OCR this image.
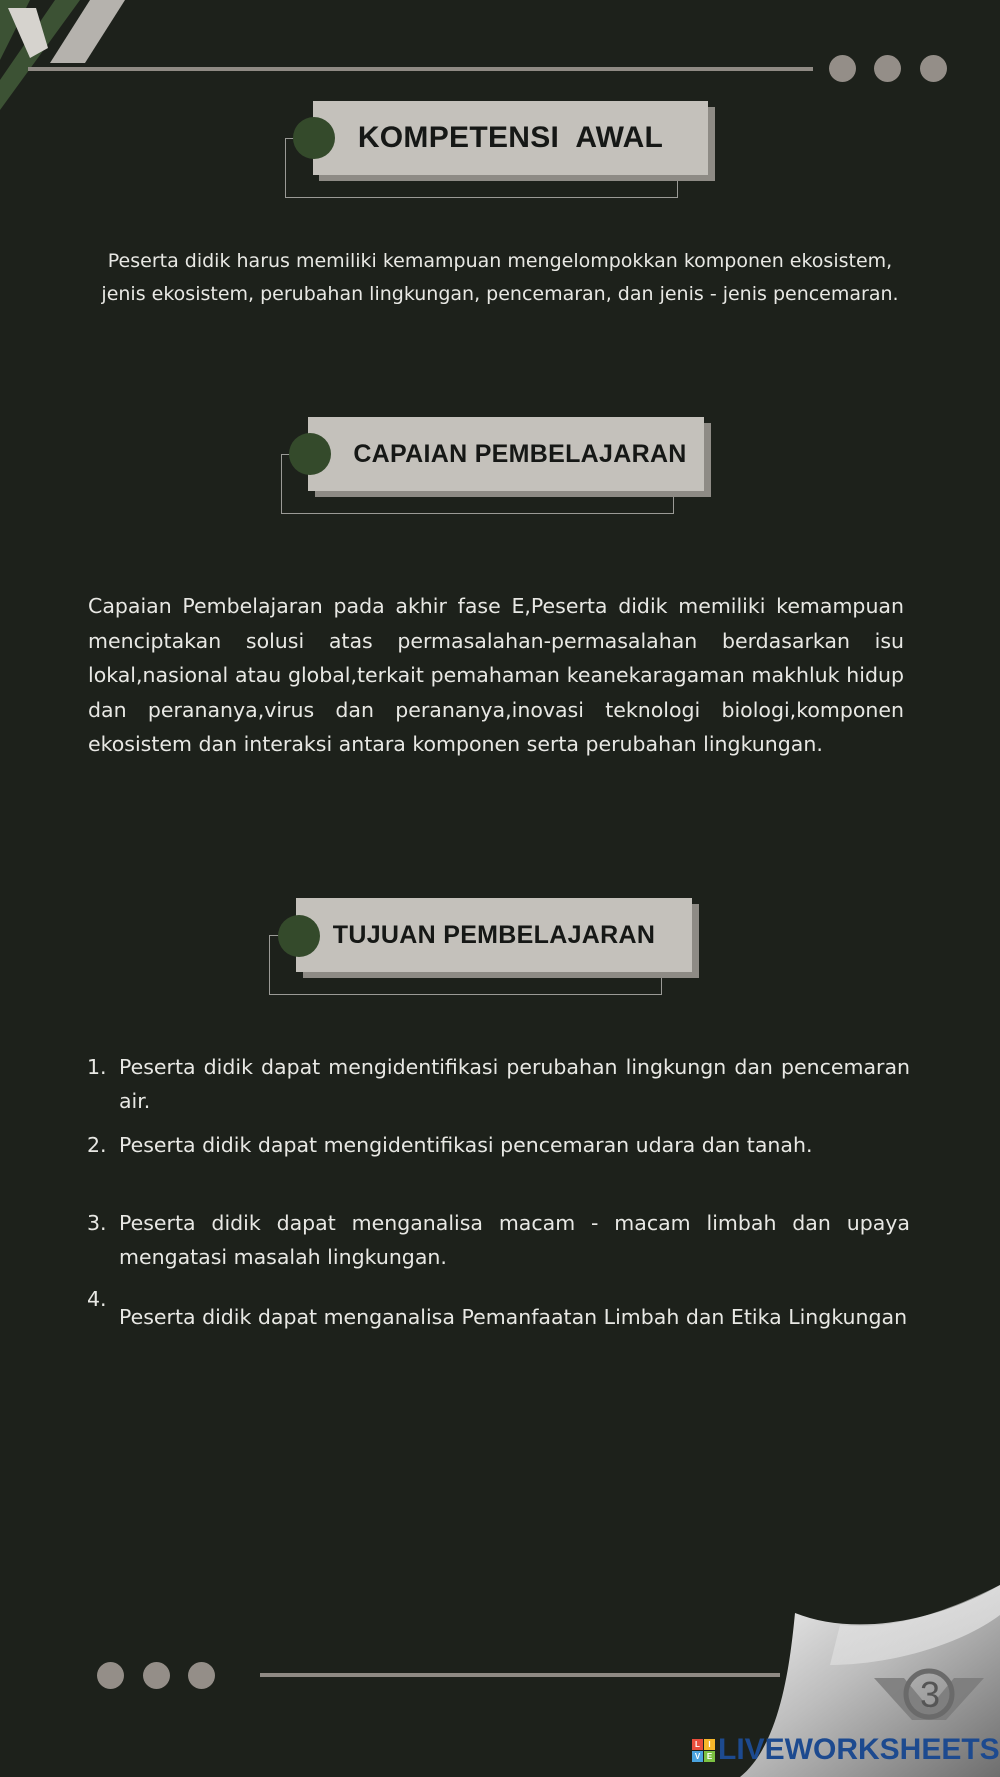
KOMPETENSI  AWAL
Peserta didik harus memiliki kemampuan mengelompokkan komponen ekosistem, jenis ekosistem, perubahan lingkungan, pencemaran, dan jenis - jenis pencemaran.
CAPAIAN PEMBELAJARAN
Capaian Pembelajaran pada akhir fase E,Peserta didik memiliki kemampuan menciptakan solusi atas permasalahan-permasalahan berdasarkan isu lokal,nasional atau global,terkait pemahaman keanekaragaman makhluk hidup dan perananya,virus dan perananya,inovasi teknologi biologi,komponen ekosistem dan interaksi antara komponen serta perubahan lingkungan.
TUJUAN PEMBELAJARAN
1. Peserta didik dapat mengidentifikasi perubahan lingkungn dan pencemaran air.
2. Peserta didik dapat mengidentifikasi pencemaran udara dan tanah.
3. Peserta didik dapat menganalisa macam - macam limbah dan upaya mengatasi masalah lingkungan.
4.
Peserta didik dapat menganalisa Pemanfaatan Limbah dan Etika Lingkungan
3
L	I
V E LIVEWORKSHEETS
